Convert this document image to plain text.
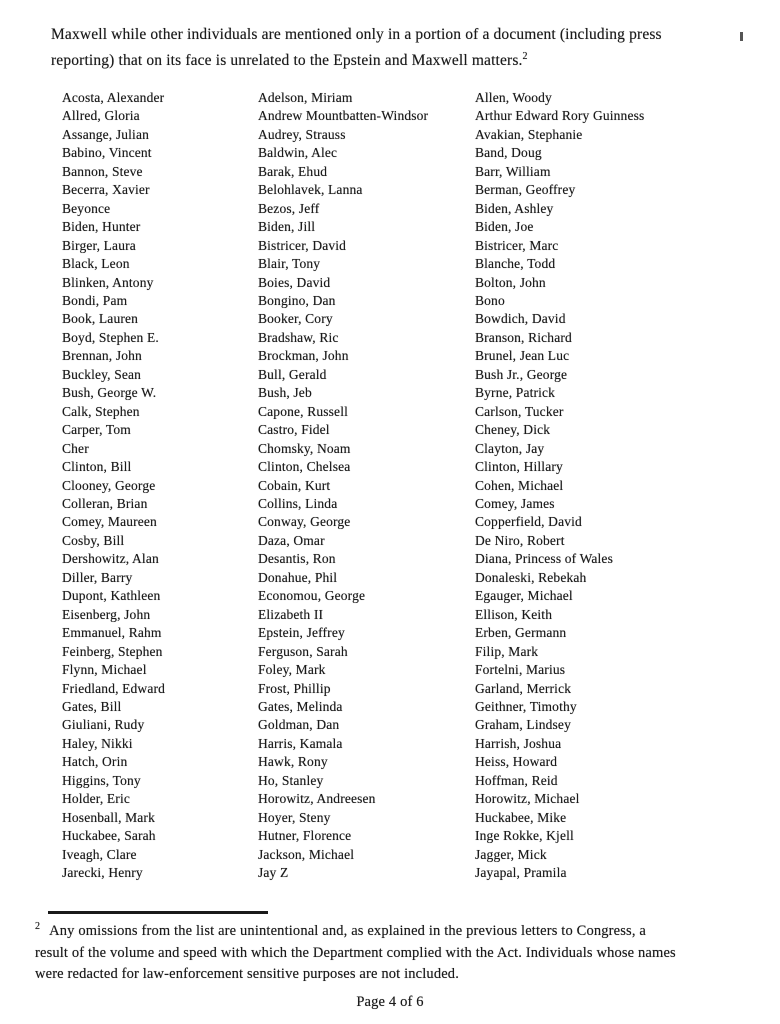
Maxwell while other individuals are mentioned only in a portion of a document (including press
reporting) that on its face is unrelated to the Epstein and Maxwell matters.$^2$
Acosta, Alexander
Allred, Gloria
Assange, Julian
Babino, Vincent
Bannon, Steve
Becerra, Xavier
Beyonce
Biden, Hunter
Birger, Laura
Black, Leon
Blinken, Antony
Bondi, Pam
Book, Lauren
Boyd, Stephen E.
Brennan, John
Buckley, Sean
Bush, George W.
Calk, Stephen
Carper, Tom
Cher
Clinton, Bill
Clooney, George
Colleran, Brian
Comey, Maureen
Cosby, Bill
Dershowitz, Alan
Diller, Barry
Dupont, Kathleen
Eisenberg, John
Emmanuel, Rahm
Feinberg, Stephen
Flynn, Michael
Friedland, Edward
Gates, Bill
Giuliani, Rudy
Haley, Nikki
Hatch, Orin
Higgins, Tony
Holder, Eric
Hosenball, Mark
Huckabee, Sarah
Iveagh, Clare
Jarecki, Henry
Adelson, Miriam
Andrew Mountbatten-Windsor
Audrey, Strauss
Baldwin, Alec
Barak, Ehud
Belohlavek, Lanna
Bezos, Jeff
Biden, Jill
Bistricer, David
Blair, Tony
Boies, David
Bongino, Dan
Booker, Cory
Bradshaw, Ric
Brockman, John
Bull, Gerald
Bush, Jeb
Capone, Russell
Castro, Fidel
Chomsky, Noam
Clinton, Chelsea
Cobain, Kurt
Collins, Linda
Conway, George
Daza, Omar
Desantis, Ron
Donahue, Phil
Economou, George
Elizabeth II
Epstein, Jeffrey
Ferguson, Sarah
Foley, Mark
Frost, Phillip
Gates, Melinda
Goldman, Dan
Harris, Kamala
Hawk, Rony
Ho, Stanley
Horowitz, Andreesen
Hoyer, Steny
Hutner, Florence
Jackson, Michael
Jay Z
Allen, Woody
Arthur Edward Rory Guinness
Avakian, Stephanie
Band, Doug
Barr, William
Berman, Geoffrey
Biden, Ashley
Biden, Joe
Bistricer, Marc
Blanche, Todd
Bolton, John
Bono
Bowdich, David
Branson, Richard
Brunel, Jean Luc
Bush Jr., George
Byrne, Patrick
Carlson, Tucker
Cheney, Dick
Clayton, Jay
Clinton, Hillary
Cohen, Michael
Comey, James
Copperfield, David
De Niro, Robert
Diana, Princess of Wales
Donaleski, Rebekah
Egauger, Michael
Ellison, Keith
Erben, Germann
Filip, Mark
Fortelni, Marius
Garland, Merrick
Geithner, Timothy
Graham, Lindsey
Harrish, Joshua
Heiss, Howard
Hoffman, Reid
Horowitz, Michael
Huckabee, Mike
Inge Rokke, Kjell
Jagger, Mick
Jayapal, Pramila
$^2$ Any omissions from the list are unintentional and, as explained in the previous letters to Congress, a
result of the volume and speed with which the Department complied with the Act. Individuals whose names
were redacted for law-enforcement sensitive purposes are not included.
Page 4 of 6
